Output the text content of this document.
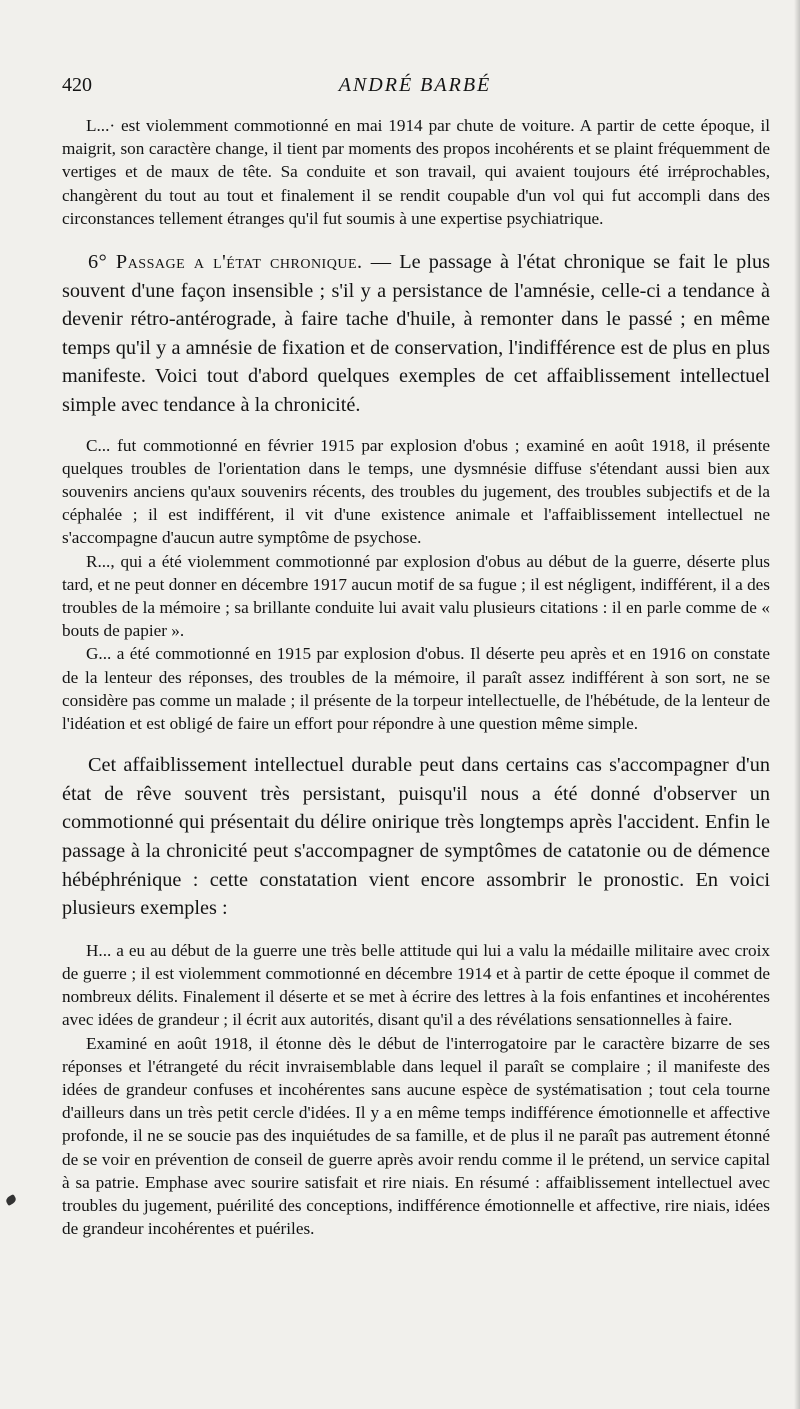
420	ANDRÉ BARBÉ

L...· est violemment commotionné en mai 1914 par chute de voiture. A partir de cette époque, il maigrit, son caractère change, il tient par moments des propos incohérents et se plaint fréquemment de vertiges et de maux de tête. Sa conduite et son travail, qui avaient toujours été irréprochables, changèrent du tout au tout et finalement il se rendit coupable d'un vol qui fut accompli dans des circonstances tellement étranges qu'il fut soumis à une expertise psychiatrique.

6° Passage a l'état chronique. — Le passage à l'état chronique se fait le plus souvent d'une façon insensible ; s'il y a persistance de l'amnésie, celle-ci a tendance à devenir rétro-antérograde, à faire tache d'huile, à remonter dans le passé ; en même temps qu'il y a amnésie de fixation et de conservation, l'indifférence est de plus en plus manifeste. Voici tout d'abord quelques exemples de cet affaiblissement intellectuel simple avec tendance à la chronicité.

C... fut commotionné en février 1915 par explosion d'obus ; examiné en août 1918, il présente quelques troubles de l'orientation dans le temps, une dysmnésie diffuse s'étendant aussi bien aux souvenirs anciens qu'aux souvenirs récents, des troubles du jugement, des troubles subjectifs et de la céphalée ; il est indifférent, il vit d'une existence animale et l'affaiblissement intellectuel ne s'accompagne d'aucun autre symptôme de psychose.

R..., qui a été violemment commotionné par explosion d'obus au début de la guerre, déserte plus tard, et ne peut donner en décembre 1917 aucun motif de sa fugue ; il est négligent, indifférent, il a des troubles de la mémoire ; sa brillante conduite lui avait valu plusieurs citations : il en parle comme de « bouts de papier ».

G... a été commotionné en 1915 par explosion d'obus. Il déserte peu après et en 1916 on constate de la lenteur des réponses, des troubles de la mémoire, il paraît assez indifférent à son sort, ne se considère pas comme un malade ; il présente de la torpeur intellectuelle, de l'hébétude, de la lenteur de l'idéation et est obligé de faire un effort pour répondre à une question même simple.

Cet affaiblissement intellectuel durable peut dans certains cas s'accompagner d'un état de rêve souvent très persistant, puisqu'il nous a été donné d'observer un commotionné qui présentait du délire onirique très longtemps après l'accident. Enfin le passage à la chronicité peut s'accompagner de symptômes de catatonie ou de démence hébéphrénique : cette constatation vient encore assombrir le pronostic. En voici plusieurs exemples :

H... a eu au début de la guerre une très belle attitude qui lui a valu la médaille militaire avec croix de guerre ; il est violemment commotionné en décembre 1914 et à partir de cette époque il commet de nombreux délits. Finalement il déserte et se met à écrire des lettres à la fois enfantines et incohérentes avec idées de grandeur ; il écrit aux autorités, disant qu'il a des révélations sensationnelles à faire.

Examiné en août 1918, il étonne dès le début de l'interrogatoire par le caractère bizarre de ses réponses et l'étrangeté du récit invraisemblable dans lequel il paraît se complaire ; il manifeste des idées de grandeur confuses et incohérentes sans aucune espèce de systématisation ; tout cela tourne d'ailleurs dans un très petit cercle d'idées. Il y a en même temps indifférence émotionnelle et affective profonde, il ne se soucie pas des inquiétudes de sa famille, et de plus il ne paraît pas autrement étonné de se voir en prévention de conseil de guerre après avoir rendu comme il le prétend, un service capital à sa patrie. Emphase avec sourire satisfait et rire niais. En résumé : affaiblissement intellectuel avec troubles du jugement, puérilité des conceptions, indifférence émotionnelle et affective, rire niais, idées de grandeur incohérentes et puériles.
